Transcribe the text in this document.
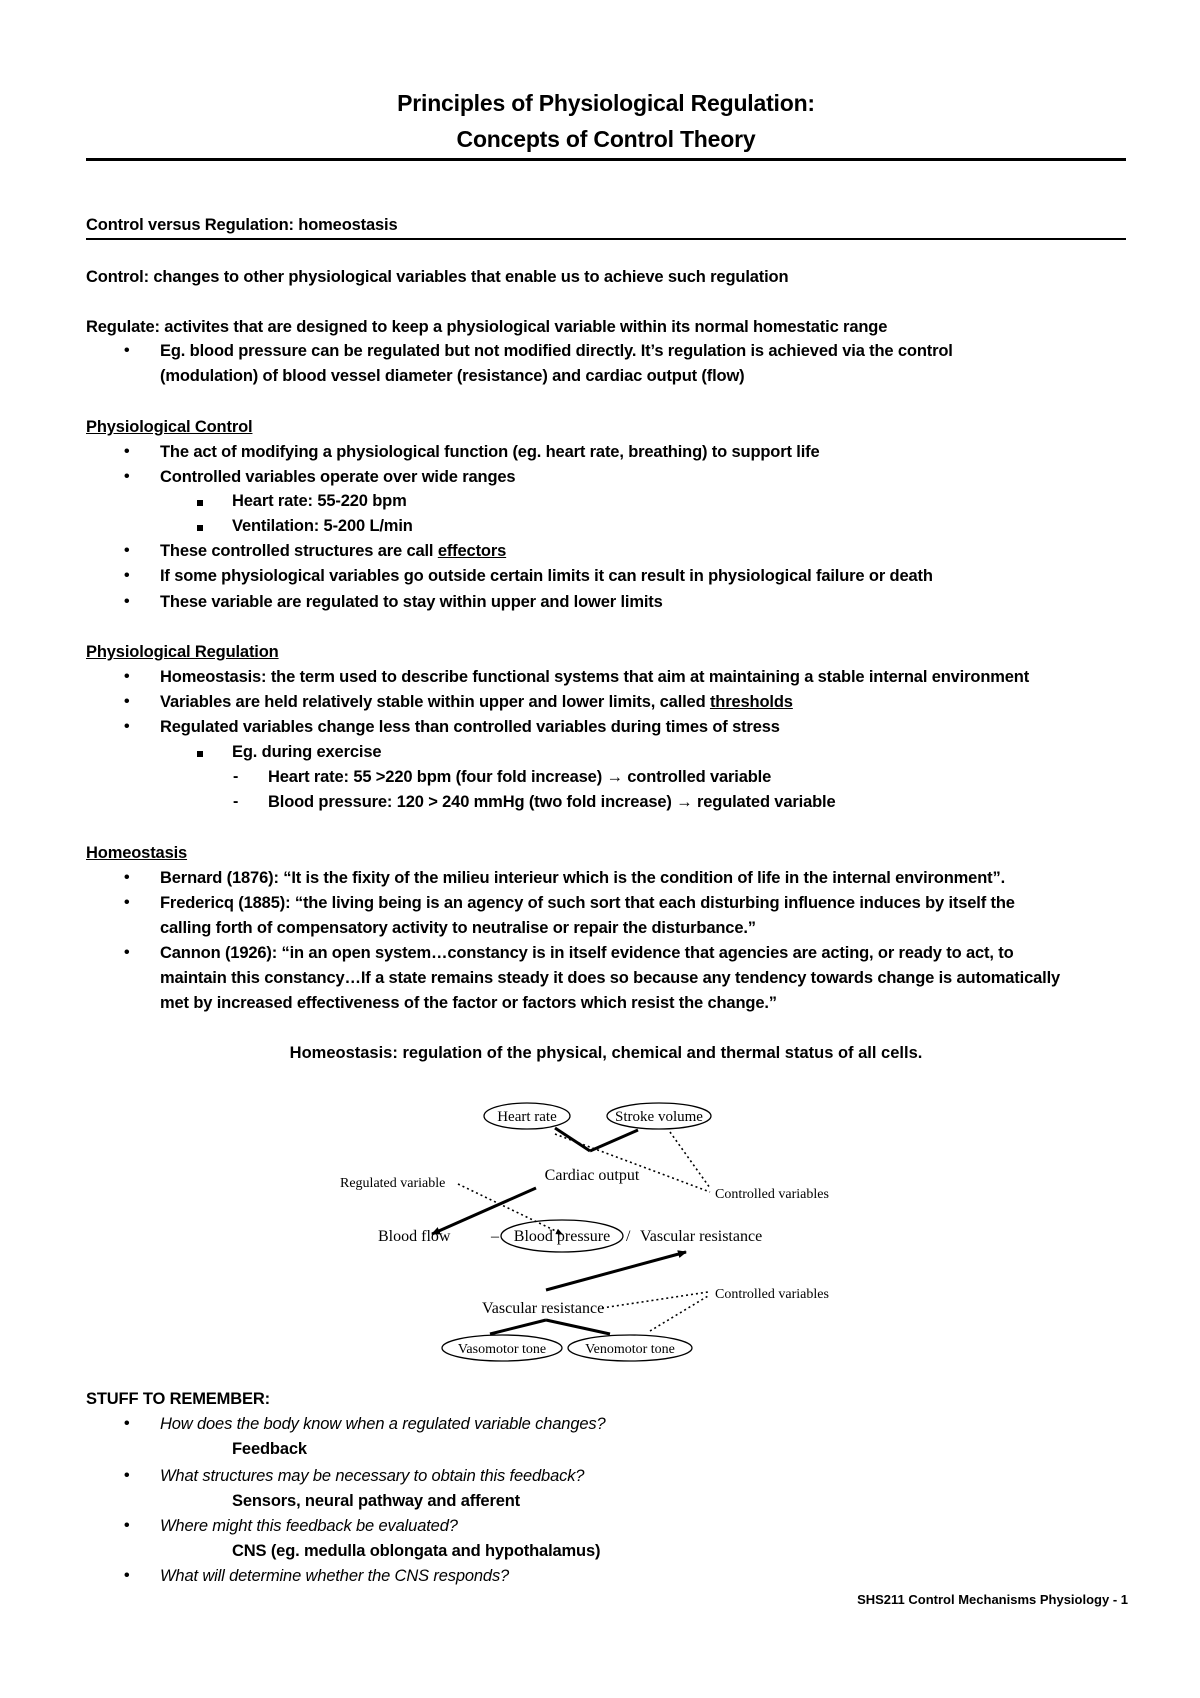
Principles of Physiological Regulation:
Concepts of Control Theory
Control versus Regulation: homeostasis
Control: changes to other physiological variables that enable us to achieve such regulation
Regulate: activites that are designed to keep a physiological variable within its normal homestatic range
• Eg. blood pressure can be regulated but not modified directly. It’s regulation is achieved via the control
(modulation) of blood vessel diameter (resistance) and cardiac output (flow)
Physiological Control
• The act of modifying a physiological function (eg. heart rate, breathing) to support life
• Controlled variables operate over wide ranges
Heart rate: 55-220 bpm
Ventilation: 5-200 L/min
• These controlled structures are call effectors
• If some physiological variables go outside certain limits it can result in physiological failure or death
• These variable are regulated to stay within upper and lower limits
Physiological Regulation
• Homeostasis: the term used to describe functional systems that aim at maintaining a stable internal environment
• Variables are held relatively stable within upper and lower limits, called thresholds
• Regulated variables change less than controlled variables during times of stress
Eg. during exercise
- Heart rate: 55 >220 bpm (four fold increase) → controlled variable
- Blood pressure: 120 > 240 mmHg (two fold increase) → regulated variable
Homeostasis
• Bernard (1876): “It is the fixity of the milieu interieur which is the condition of life in the internal environment”.
• Fredericq (1885): “the living being is an agency of such sort that each disturbing influence induces by itself the
calling forth of compensatory activity to neutralise or repair the disturbance.”
• Cannon (1926): “in an open system…constancy is in itself evidence that agencies are acting, or ready to act, to
maintain this constancy…If a state remains steady it does so because any tendency towards change is automatically
met by increased effectiveness of the factor or factors which resist the change.”
Homeostasis: regulation of the physical, chemical and thermal status of all cells.
Heart rate	Stroke volume
Cardiac output
Controlled variables
Regulated variable
Blood flow	– Blood pressure / Vascular resistance
Vascular resistance
Controlled variables
Vasomotor tone	Venomotor tone
STUFF TO REMEMBER:
• How does the body know when a regulated variable changes?
Feedback
• What structures may be necessary to obtain this feedback?
Sensors, neural pathway and afferent
• Where might this feedback be evaluated?
CNS (eg. medulla oblongata and hypothalamus)
• What will determine whether the CNS responds?
SHS211 Control Mechanisms Physiology - 1
